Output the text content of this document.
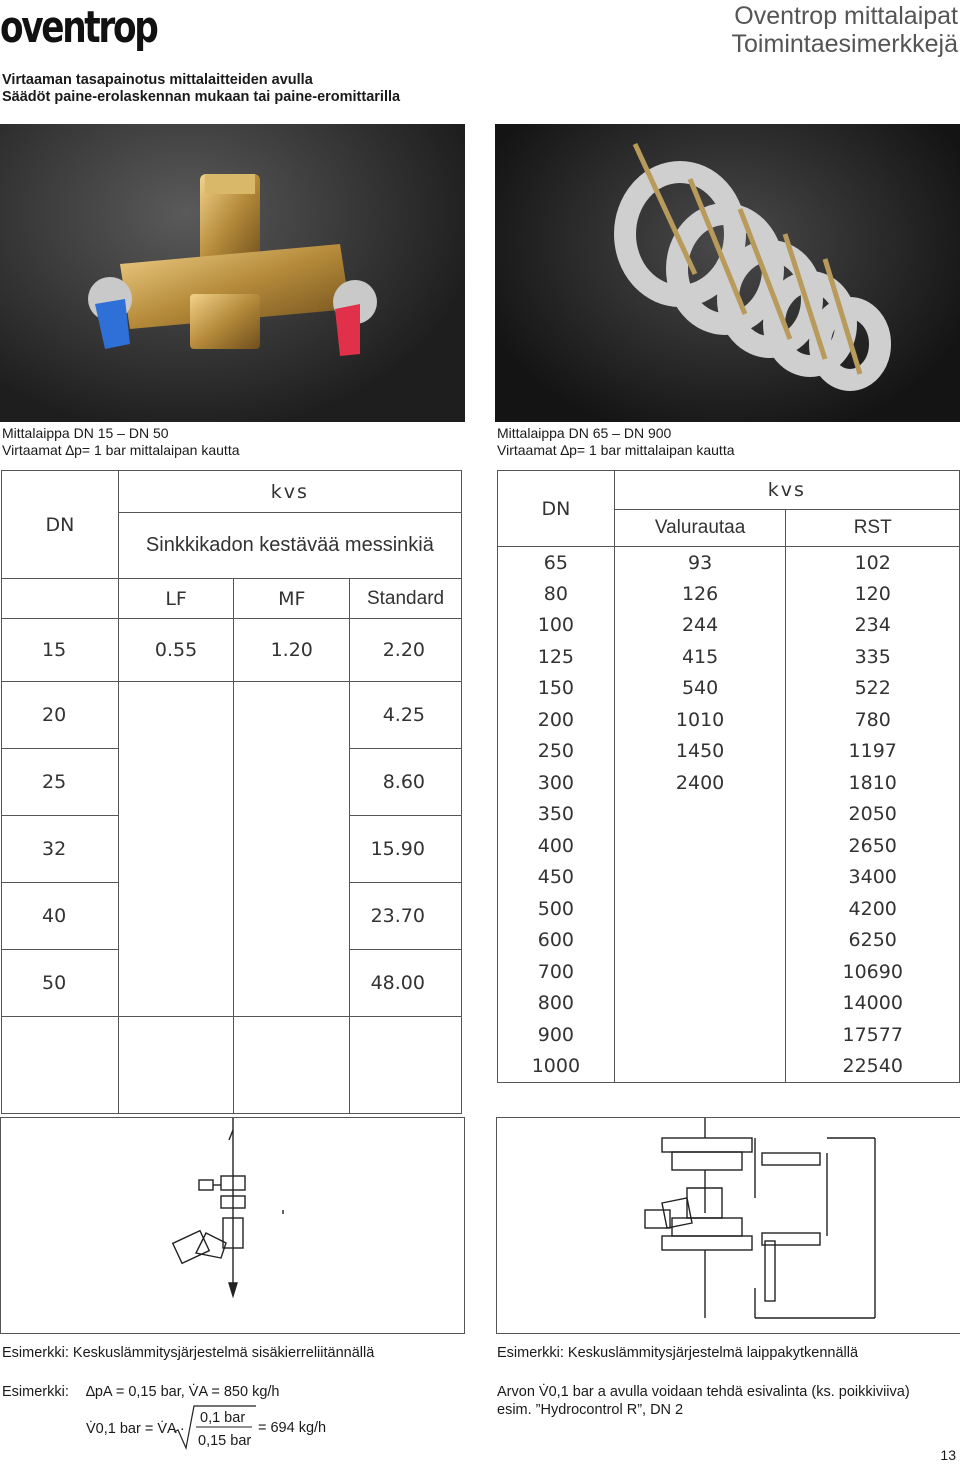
oventrop	Oventrop mittalaipat
Toimintaesimerkkejä
Virtaaman tasapainotus mittalaitteiden avulla
Säädöt paine-erolaskennan mukaan tai paine-eromittarilla
Mittalaippa DN 15 – DN 50
Virtaamat ∆p= 1 bar mittalaipan kautta
Mittalaippa DN 65 – DN 900
Virtaamat ∆p= 1 bar mittalaipan kautta
DN	kvs		
	Sinkkikadon kestävää messinkiä		
	LF	MF	Standard
15	0.55	1.20	2.20
20			4.25
25			8.60
32			15.90
40			23.70
50			48.00

DN	kvs	
	Valurautaa	RST
65	93	102
80	126	120
100	244	234
125	415	335
150	540	522
200	1010	780
250	1450	1197
300	2400	1810
350		2050
400		2650
450		3400
500		4200
600		6250
700		10690
800		14000
900		17577
1000		22540
Esimerkki: Keskuslämmitysjärjestelmä sisäkierreliitännällä	Esimerkki: Keskuslämmitysjärjestelmä laippakytkennällä
Esimerkki: ∆pA = 0,15 bar, V̇A = 850 kg/h
V̇0,1 bar = V̇A ·
0,1 bar
0,15 bar
= 694 kg/h
Arvon V̇0,1 bar a avulla voidaan tehdä esivalinta (ks. poikkiviiva)
esim. ”Hydrocontrol R”, DN 2
13
